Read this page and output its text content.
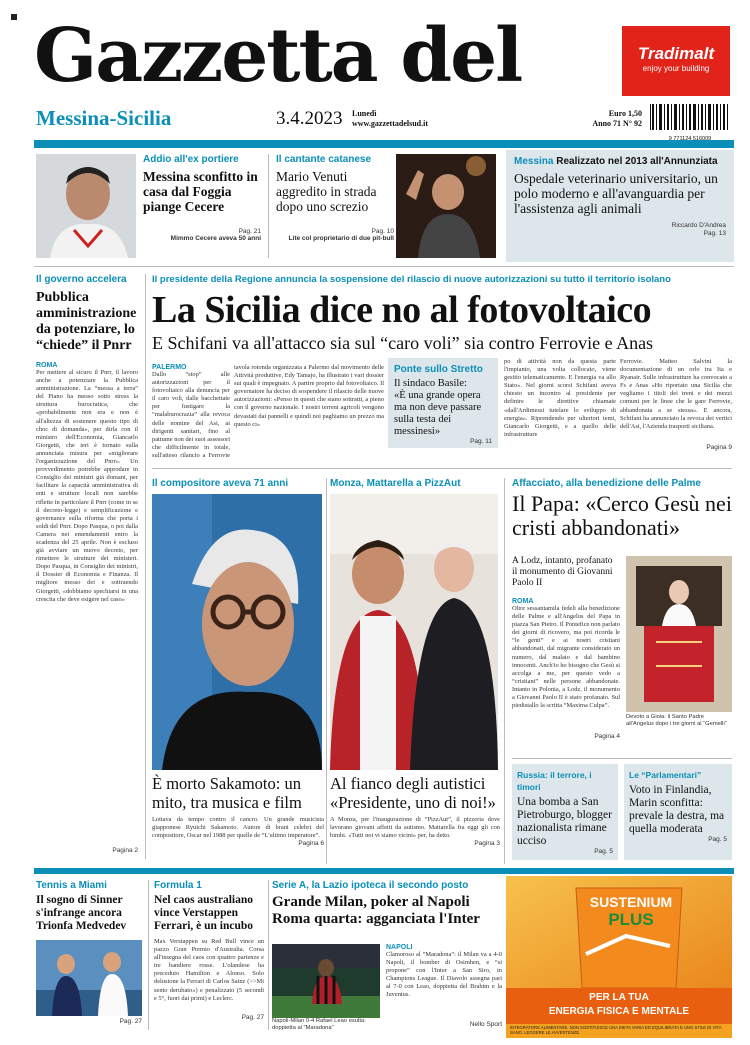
Gazzetta del	Tradimalt
enjoy your building
Messina-Sicilia	3.4.2023	Lunedì
www.gazzettadelsud.it
Euro 1,50
Anno 71 N° 92
9 771124 516009
Addio all'ex portiere
Messina sconfitto in casa dal Foggia piange Cecere
Pag. 21
Mimmo Cecere aveva 50 anni
Il cantante catanese
Mario Venuti aggredito in strada dopo uno screzio
Pag. 10
Lite col proprietario di due pit-bull
Messina Realizzato nel 2013 all'Annunziata
Ospedale veterinario universitario, un polo moderno e all'avanguardia per l'assistenza agli animali
Riccardo D'Andrea
Pag. 13
Il governo accelera
Pubblica amministrazione da potenziare, lo “chiede” il Pnrr
ROMA
Per mettere al sicuro il Pnrr, il lavoro anche a potenziare la Pubblica amministrazione. La “messa a terra” del Piano ha messo sotto stress la struttura burocratica, che «probabilmente non era e non è all'altezza di sostenere questo tipo di choc di domanda», per dirla con il ministro dell'Economia, Giancarlo Giorgetti, che ieri è tornato sulla annunciata misura per «migliorare l'organizzazione del Pnrr». Un provvedimento potrebbe approdare in Consiglio dei ministri già domani, per facilitare la capacità amministrativa di enti e strutture locali non sarebbe riflette in particolare il Pnrr (come in se il decreto-legge) e semplificazione e governance sulla riforma che porta i soldi del Pnrr. Dopo Pasqua, o poi dalla Camera nei emendamenti entro la scadenza del 25 aprile. Non è escluso già avviare un nuovo decreto, per rimettere le strutture dei ministeri. Dopo Pasqua, in Consiglio dei ministri, il Dossier di Economia e Finanza. Il migliore messo dei e sottraendo Giorgetti, «dobbiamo spechiarsi in una crescita che deve esigere nel caso»
Pagina 2
Il presidente della Regione annuncia la sospensione del rilascio di nuove autorizzazioni su tutto il territorio isolano
La Sicilia dice no al fotovoltaico
E Schifani va all'attacco sia sul “caro voli” sia contro Ferrovie e Anas
PALERMO
Dallo “stop” alle autorizzazioni per il fotovoltaico alla denuncia per il caro voli, dalle bacchettate per fustigare la “malaburocrazia” alla revoca delle nomine del Asi, ai dirigenti sanitari, fino al pattume non dei suoi assessori che difficilmente in totale, sull'atteso rilancio a Ferrovie
tavola rotonda organizzata a Palermo dal movimento delle Attività produttive, Edy Tamajo, ha illustrato i vari dossier sui quali è impegnato. A partire proprio dal fotovoltaico. Il governatore ha deciso di sospendere il rilascio delle nuove autorizzazioni: «Penso in questi che siano sottratti, a pieno con il governo nazionale. I nostri terreni agricoli vengono devastati dai pannelli e quindi noi paghiamo un prezzo ma questo ci»
Ponte sullo Stretto
Il sindaco Basile:
«È una grande opera ma non deve passare sulla testa dei messinesi»
Pag. 11
po di attività non da questa parte l'impianto, una volta collocato, viene gestito telematicamente. E l'energia va allo Stato». Nel giorni scorsi Schifani aveva chiesto un incontro al presidente per definire le direttive chiamate «dall'Ardimessi tutelare lo sviluppo di energia». Riprendendo per ulteriori temi, Giancarlo Giorgetti, e a quello delle infrastrutture
Ferrovie. Matteo Salvini la documentazione di un orlo tra Ita e Ryanair. Sulle infrastrutture ha convocato a Fs e Anas «Ho riportato una Sicilia che vegliamo i titoli dei treni e dei mezzi comuni per le linee che le gare Ferrovie, abbandonata a se stessa». E ancora, Schifani ha annunciato la revoca dei vertici dell'Asi, l'Azienda trasporti siciliana.
Pagina 9
Il compositore aveva 71 anni
È morto Sakamoto: un mito, tra musica e film
Lottava da tempo contro il cancro. Un grande musicista giapponese Ryuichi Sakamoto. Autore di brani celebri del compositore, Oscar nel 1988 per quelle de “L'ultimo imperatore”.
Pagina 6
Monza, Mattarella a PizzAut
Al fianco degli autistici «Presidente, uno di noi!»
A Monza, per l'inaugurazione di “PizzAut”, il pizzeria dove lavorano giovani affetti da autismo. Mattarella fra eggi gli con bimbi. «Tutti noi vi siamo vicini» per, ha detto.
Pagina 3
Affacciato, alla benedizione delle Palme
Il Papa: «Cerco Gesù nei cristi abbandonati»
A Lodz, intanto, profanato il monumento di Giovanni Paolo II
ROMA
Oltre sessantamila fedeli alla benedizione delle Palme e all'Angelus del Papa in piazza San Pietro. Il Pontefice non parlato dei giorni di ricovero, ma poi ricorda le “le genti” e ai nostri cristiani abbandonati, dal migrante considerato un numero, dal malato e dal bambino innocenti. Anch'io ho bisogno che Gesù si accolga a me, per questo vedo a “cristiani” nelle persone abbandonate. Intanto in Polonia, a Lodz, il monumento a Giovanni Paolo II è stato profanato. Sul piedistallo la scritta “Maxima Culpa”.
Pagina 4
Devoto a Gioia: il Santo Padre all'Angelus dopo i tre giorni al “Gemelli”
Russia: il terrore, i timori
Una bomba a San Pietroburgo, blogger nazionalista rimane ucciso
Pag. 5
Le “Parlamentari”
Voto in Finlandia, Marin sconfitta: prevale la destra, ma quella moderata
Pag. 5
Tennis a Miami
Il sogno di Sinner s'infrange ancora Trionfa Medvedev
Pag. 27
Formula 1
Nel caos australiano vince Verstappen Ferrari, è un incubo
Max Verstappen su Red Bull vince un pazzo Gran Premio d'Australia. Corsa all'insegna del caos con quattro partenze e tre bandiere rosse. L'olandese ha preceduto Hamilton e Alonso. Solo delusione la Ferrari di Carlos Sainz (>>Mi sento derubato») e penalizzato (5 secondi e 5°, fuori dai primi) e Leclerc.
Pag. 27
Serie A, la Lazio ipoteca il secondo posto
Grande Milan, poker al Napoli Roma quarta: agganciata l'Inter
Napoli-Milan 0-4 Rafael Leao esulta: doppietta al “Maradona”
NAPOLI
Clamoroso al “Maradona”: il Milan va a 4-0 Napoli, il bomber di Osimhen, e “si propone” con l'Inter a San Siro, in Champions League. Il Diavolo assegna pari al 7-0 con Leao, doppietta del Brahim e la Juventus.
Nello Sport
SUSTENIUM
PLUS
PER LA TUA
ENERGIA FISICA E MENTALE
INTEGRATORE ALIMENTARE. NON SOSTITUISCE UNA DIETA VARIA ED EQUILIBRATA E UNO STILE DI VITA SANO. LEGGERE LE AVVERTENZE.
